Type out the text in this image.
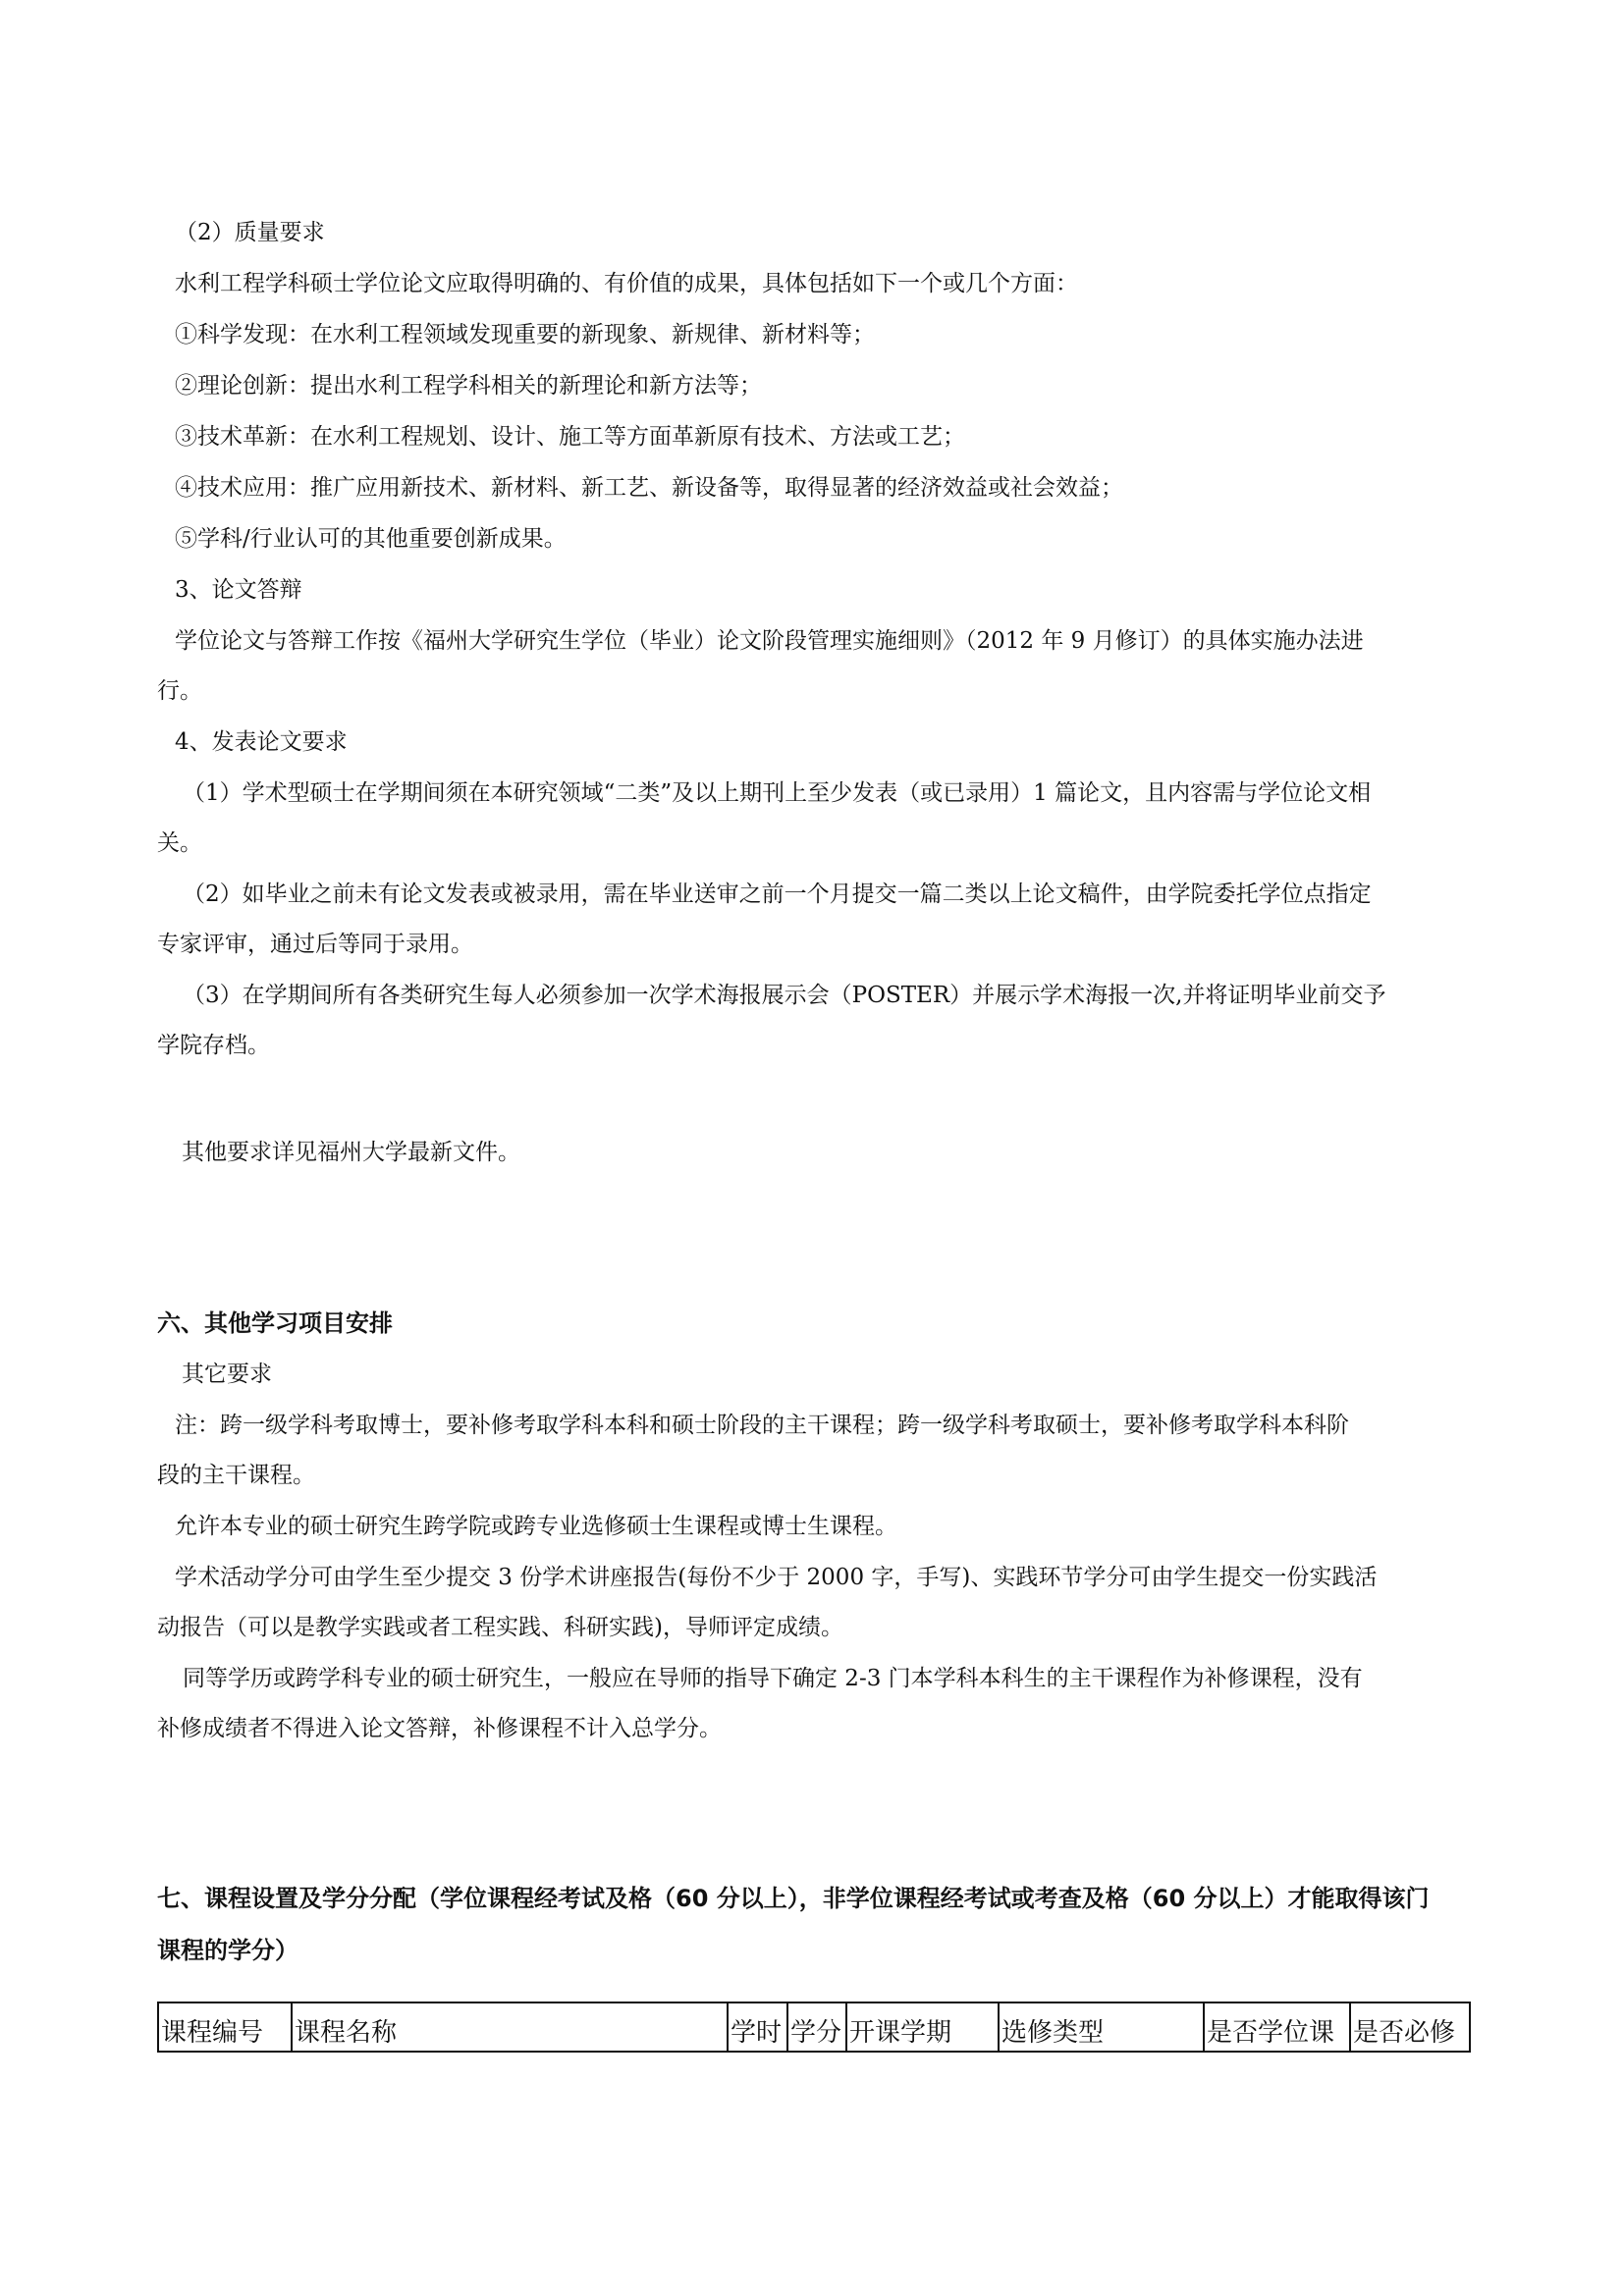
（2）质量要求
水利工程学科硕士学位论文应取得明确的、有价值的成果，具体包括如下一个或几个方面：
①科学发现：在水利工程领域发现重要的新现象、新规律、新材料等；
②理论创新：提出水利工程学科相关的新理论和新方法等；
③技术革新：在水利工程规划、设计、施工等方面革新原有技术、方法或工艺；
④技术应用：推广应用新技术、新材料、新工艺、新设备等，取得显著的经济效益或社会效益；
⑤学科/行业认可的其他重要创新成果。
3、论文答辩
学位论文与答辩工作按《福州大学研究生学位（毕业）论文阶段管理实施细则》（2012 年 9 月修订）的具体实施办法进
行。
4、发表论文要求
（1）学术型硕士在学期间须在本研究领域“二类”及以上期刊上至少发表（或已录用）1 篇论文，且内容需与学位论文相
关。
（2）如毕业之前未有论文发表或被录用，需在毕业送审之前一个月提交一篇二类以上论文稿件，由学院委托学位点指定
专家评审，通过后等同于录用。
（3）在学期间所有各类研究生每人必须参加一次学术海报展示会（POSTER）并展示学术海报一次,并将证明毕业前交予
学院存档。
其他要求详见福州大学最新文件。
六、其他学习项目安排
其它要求
注：跨一级学科考取博士，要补修考取学科本科和硕士阶段的主干课程；跨一级学科考取硕士，要补修考取学科本科阶
段的主干课程。
允许本专业的硕士研究生跨学院或跨专业选修硕士生课程或博士生课程。
学术活动学分可由学生至少提交 3 份学术讲座报告(每份不少于 2000 字，手写)、实践环节学分可由学生提交一份实践活
动报告（可以是教学实践或者工程实践、科研实践)，导师评定成绩。
同等学历或跨学科专业的硕士研究生，一般应在导师的指导下确定 2-3 门本学科本科生的主干课程作为补修课程，没有
补修成绩者不得进入论文答辩，补修课程不计入总学分。
七、课程设置及学分分配（学位课程经考试及格（60 分以上），非学位课程经考试或考查及格（60 分以上）才能取得该门
课程的学分）
课程编号	课程名称	学时	学分	开课学期	选修类型	是否学位课	是否必修
